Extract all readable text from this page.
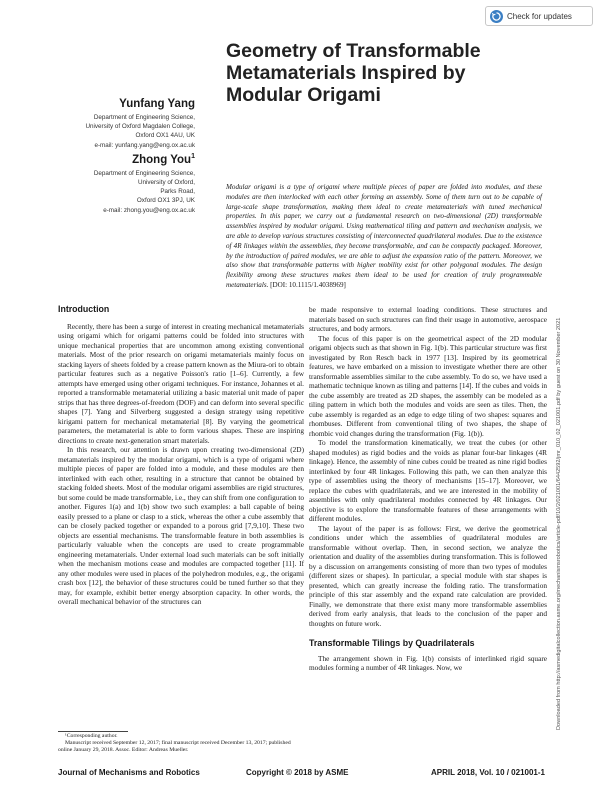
Check for updates
Geometry of Transformable Metamaterials Inspired by Modular Origami
Yunfang Yang
Department of Engineering Science,
University of Oxford Magdalen College,
Oxford OX1 4AU, UK
e-mail: yunfang.yang@eng.ox.ac.uk
Zhong You$^1$
Department of Engineering Science,
University of Oxford,
Parks Road,
Oxford OX1 3PJ, UK
e-mail: zhong.you@eng.ox.ac.uk
Modular origami is a type of origami where multiple pieces of paper are folded into modules, and these modules are then interlocked with each other forming an assembly. Some of them turn out to be capable of large-scale shape transformation, making them ideal to create metamaterials with tuned mechanical properties. In this paper, we carry out a fundamental research on two-dimensional (2D) transformable assemblies inspired by modular origami. Using mathematical tiling and pattern and mechanism analysis, we are able to develop various structures consisting of interconnected quadrilateral modules. Due to the existence of 4R linkages within the assemblies, they become transformable, and can be compactly packaged. Moreover, by the introduction of paired modules, we are able to adjust the expansion ratio of the pattern. Moreover, we also show that transformable patterns with higher mobility exist for other polygonal modules. The design flexibility among these structures makes them ideal to be used for creation of truly programmable metamaterials. [DOI: 10.1115/1.4038969]
Downloaded from http://asmedigitalcollection.asme.org/mechanismsrobotics/article-pdf/10/2/021001/6442592/jmr_010_02_021001.pdf by guest on 30 November 2021
Introduction

Recently, there has been a surge of interest in creating mechanical metamaterials using origami which for origami patterns could be folded into structures with unique mechanical properties that are uncommon among existing conventional materials. Most of the prior research on origami metamaterials mainly focus on stacking layers of sheets folded by a crease pattern known as the Miura-ori to obtain particular features such as a negative Poisson's ratio [1–6]. Currently, a few attempts have emerged using other origami techniques. For instance, Johannes et al. reported a transformable metamaterial utilizing a basic material unit made of paper strips that has three degrees-of-freedom (DOF) and can deform into several specific shapes [7]. Yang and Silverberg suggested a design strategy using repetitive kirigami pattern for mechanical metamaterial [8]. By varying the geometrical parameters, the metamaterial is able to form various shapes. These are inspiring directions to create next-generation smart materials.

In this research, our attention is drawn upon creating two-dimensional (2D) metamaterials inspired by the modular origami, which is a type of origami where multiple pieces of paper are folded into a module, and these modules are then interlinked with each other, resulting in a structure that cannot be obtained by stacking folded sheets. Most of the modular origami assemblies are rigid structures, but some could be made transformable, i.e., they can shift from one configuration to another. Figures 1(a) and 1(b) show two such examples: a ball capable of being easily pressed to a plane or clasp to a stick, whereas the other a cube assembly that can be closely packed together or expanded to a porous grid [7,9,10]. These two objects are essential mechanisms. The transformable feature in both assemblies is particularly valuable when the concepts are used to create programmable engineering metamaterials. Under external load such materials can be soft initially when the mechanism motions cease and modules are compacted together [11]. If any other modules were used in places of the polyhedron modules, e.g., the origami crash box [12], the behavior of these structures could be tuned further so that they may, for example, exhibit better energy absorption capacity. In other words, the overall mechanical behavior of the structures can

be made responsive to external loading conditions. These structures and materials based on such structures can find their usage in automotive, aerospace structures, and body armors.

The focus of this paper is on the geometrical aspect of the 2D modular origami objects such as that shown in Fig. 1(b). This particular structure was first investigated by Ron Resch back in 1977 [13]. Inspired by its geometrical features, we have embarked on a mission to investigate whether there are other transformable assemblies similar to the cube assembly. To do so, we have used a mathematic technique known as tiling and patterns [14]. If the cubes and voids in the cube assembly are treated as 2D shapes, the assembly can be modeled as a tiling pattern in which both the modules and voids are seen as tiles. Then, the cube assembly is regarded as an edge to edge tiling of two shapes: squares and rhombuses. Different from conventional tiling of two shapes, the shape of rhombic void changes during the transformation (Fig. 1(b)).

To model the transformation kinematically, we treat the cubes (or other shaped modules) as rigid bodies and the voids as planar four-bar linkages (4R linkage). Hence, the assembly of nine cubes could be treated as nine rigid bodies interlinked by four 4R linkages. Following this path, we can then analyze this type of assemblies using the theory of mechanisms [15–17]. Moreover, we replace the cubes with quadrilaterals, and we are interested in the mobility of assemblies with only quadrilateral modules connected by 4R linkages. Our objective is to explore the transformable features of these arrangements with different modules.

The layout of the paper is as follows: First, we derive the geometrical conditions under which the assemblies of quadrilateral modules are transformable without overlap. Then, in second section, we analyze the orientation and duality of the assemblies during transformation. This is followed by a discussion on arrangements consisting of more than two types of modules (different sizes or shapes). In particular, a special module with star shapes is presented, which can greatly increase the folding ratio. The transformation principle of this star assembly and the expand rate calculation are provided. Finally, we demonstrate that there exist many more transformable assemblies derived from early analysis, that leads to the conclusion of the paper and thoughts on future work.

Transformable Tilings by Quadrilaterals

The arrangement shown in Fig. 1(b) consists of interlinked rigid square modules forming a number of 4R linkages. Now, we

¹Corresponding author.

Manuscript received September 12, 2017; final manuscript received December 13, 2017; published online January 29, 2018. Assoc. Editor: Andreas Mueller.

Journal of Mechanisms and Robotics	Copyright © 2018 by ASME	APRIL 2018, Vol. 10 / 021001-1
